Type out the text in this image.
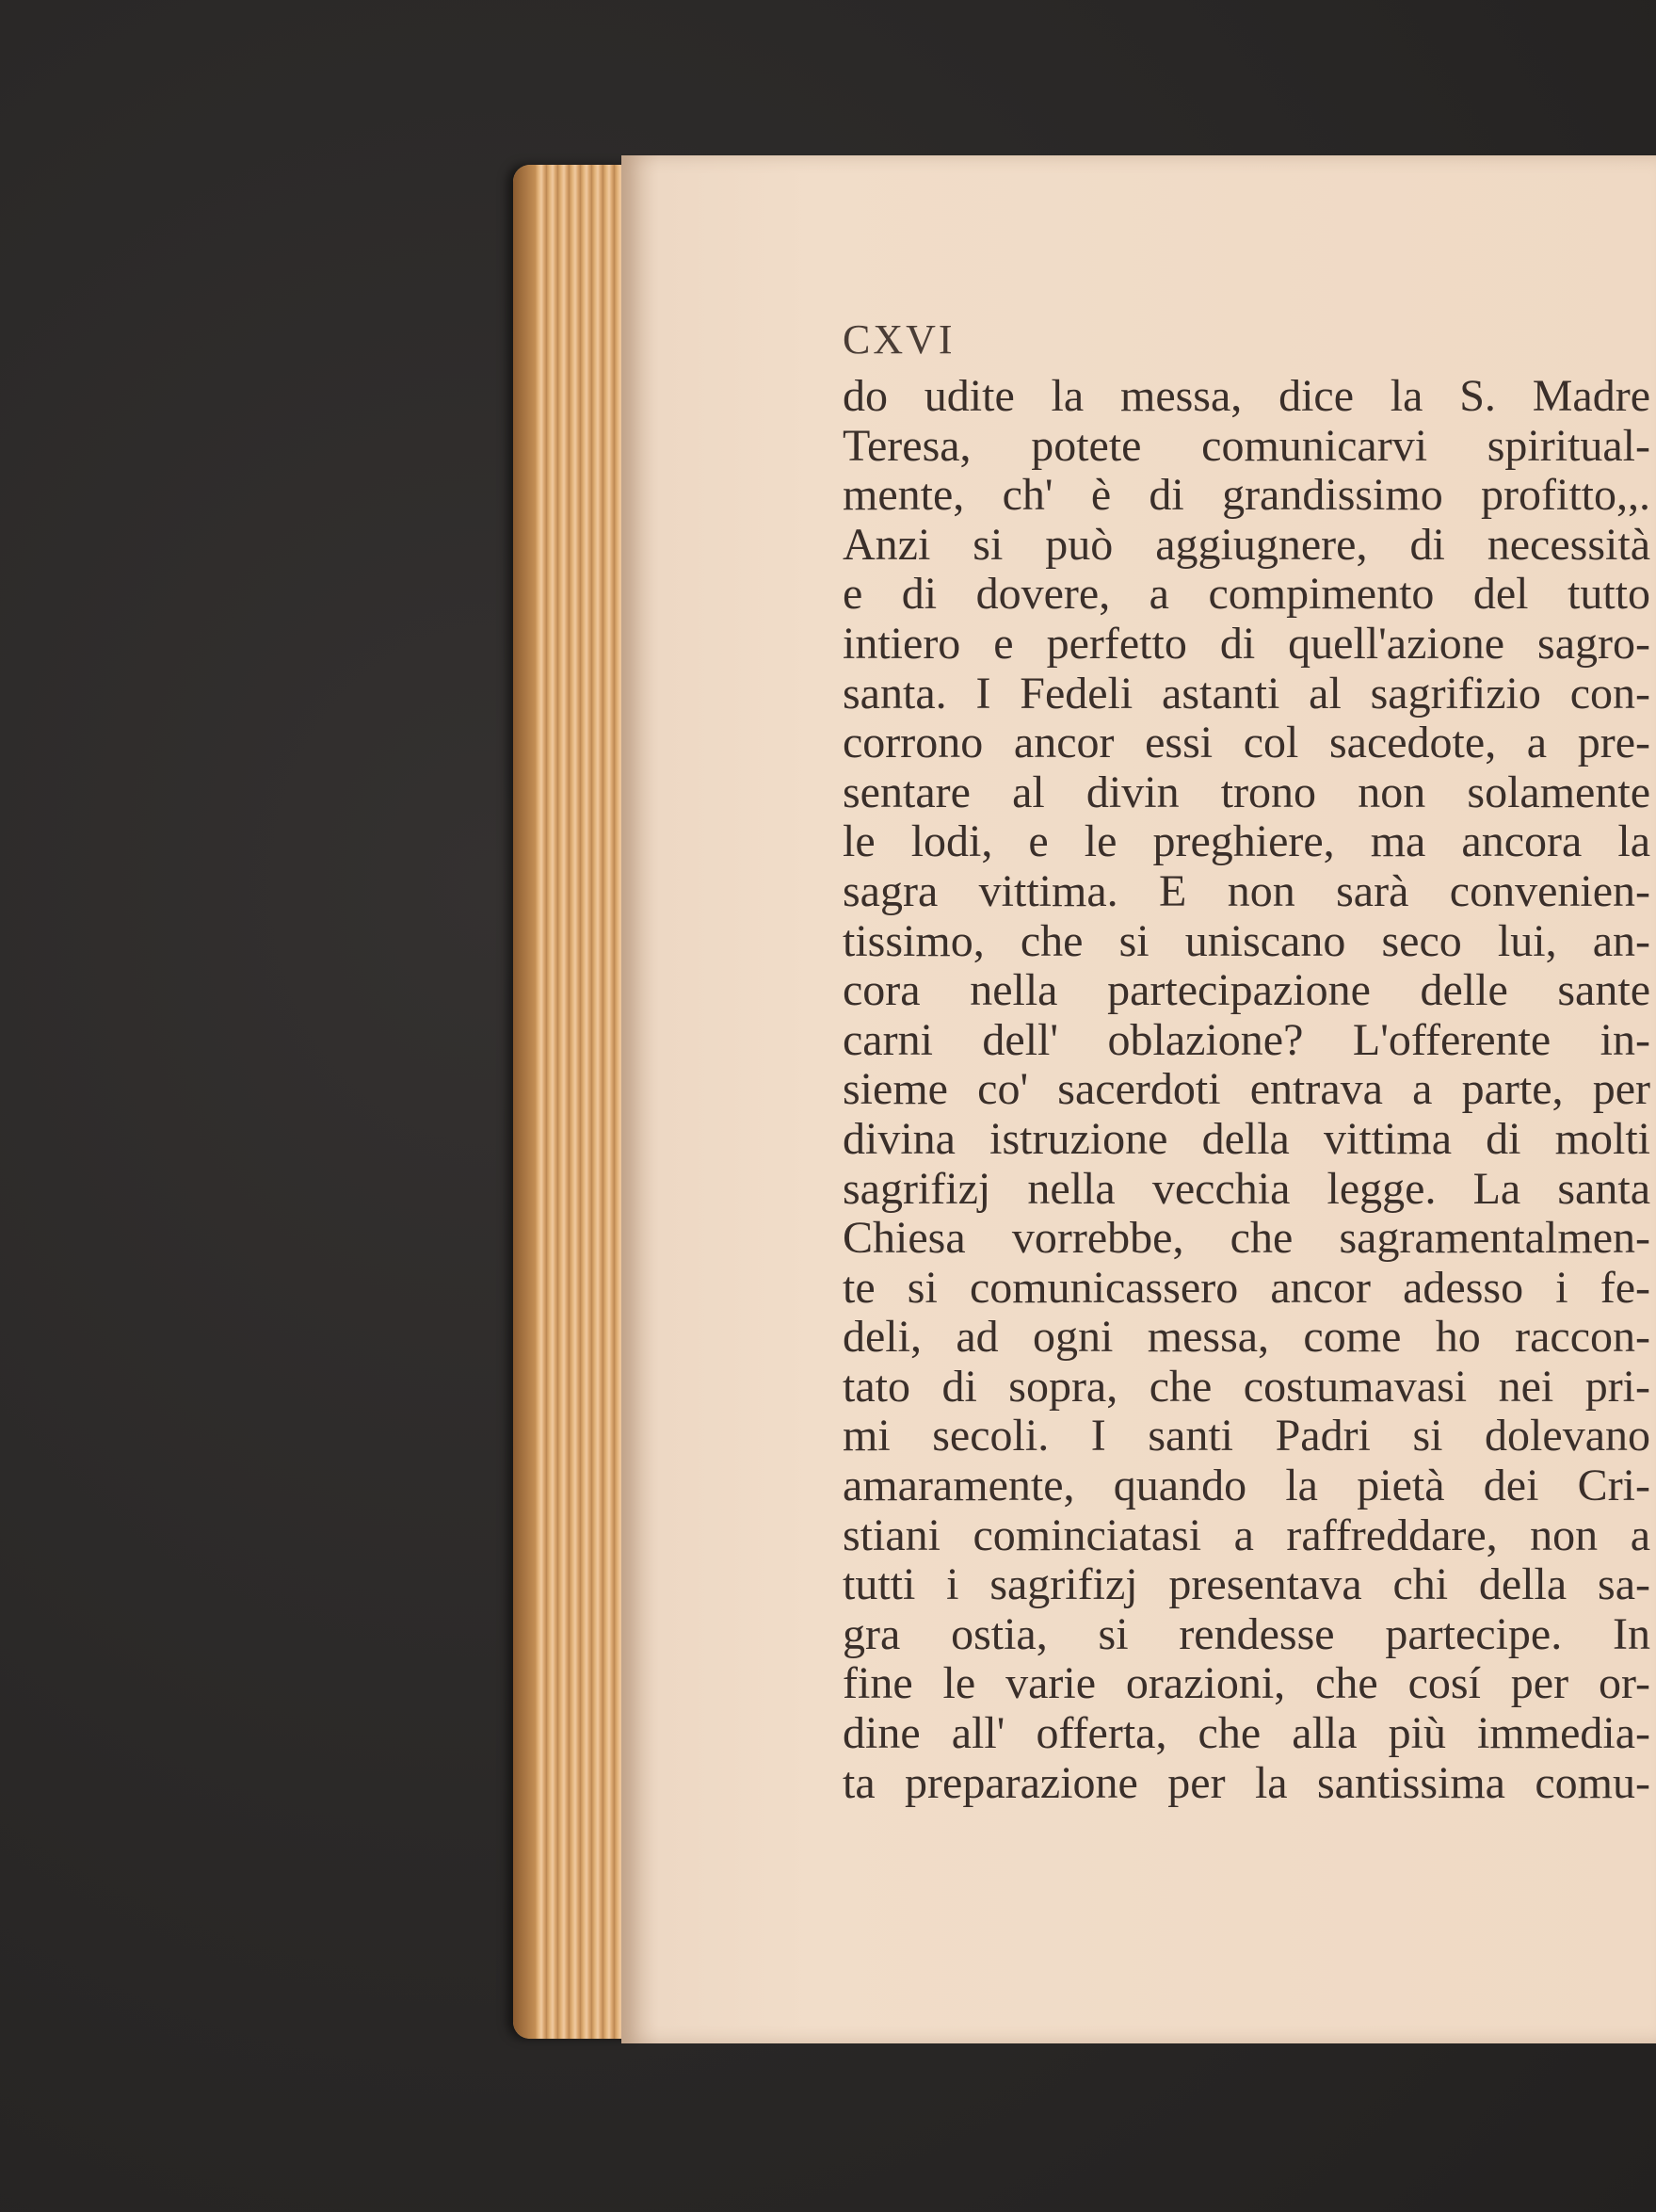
CXVI
do udite la messa, dice la S. Madre
Teresa, potete comunicarvi spiritual-
mente, ch' è di grandissimo profitto,,.
Anzi si può aggiugnere, di necessità
e di dovere, a compimento del tutto
intiero e perfetto di quell'azione sagro-
santa. I Fedeli astanti al sagrifizio con-
corrono ancor essi col sacedote, a pre-
sentare al divin trono non solamente
le lodi, e le preghiere, ma ancora la
sagra vittima. E non sarà convenien-
tissimo, che si uniscano seco lui, an-
cora nella partecipazione delle sante
carni dell' oblazione? L'offerente in-
sieme co' sacerdoti entrava a parte, per
divina istruzione della vittima di molti
sagrifizj nella vecchia legge. La santa
Chiesa vorrebbe, che sagramentalmen-
te si comunicassero ancor adesso i fe-
deli, ad ogni messa, come ho raccon-
tato di sopra, che costumavasi nei pri-
mi secoli. I santi Padri si dolevano
amaramente, quando la pietà dei Cri-
stiani cominciatasi a raffreddare, non a
tutti i sagrifizj presentava chi della sa-
gra ostia, si rendesse partecipe. In
fine le varie orazioni, che cosí per or-
dine all' offerta, che alla più immedia-
ta preparazione per la santissima comu-
